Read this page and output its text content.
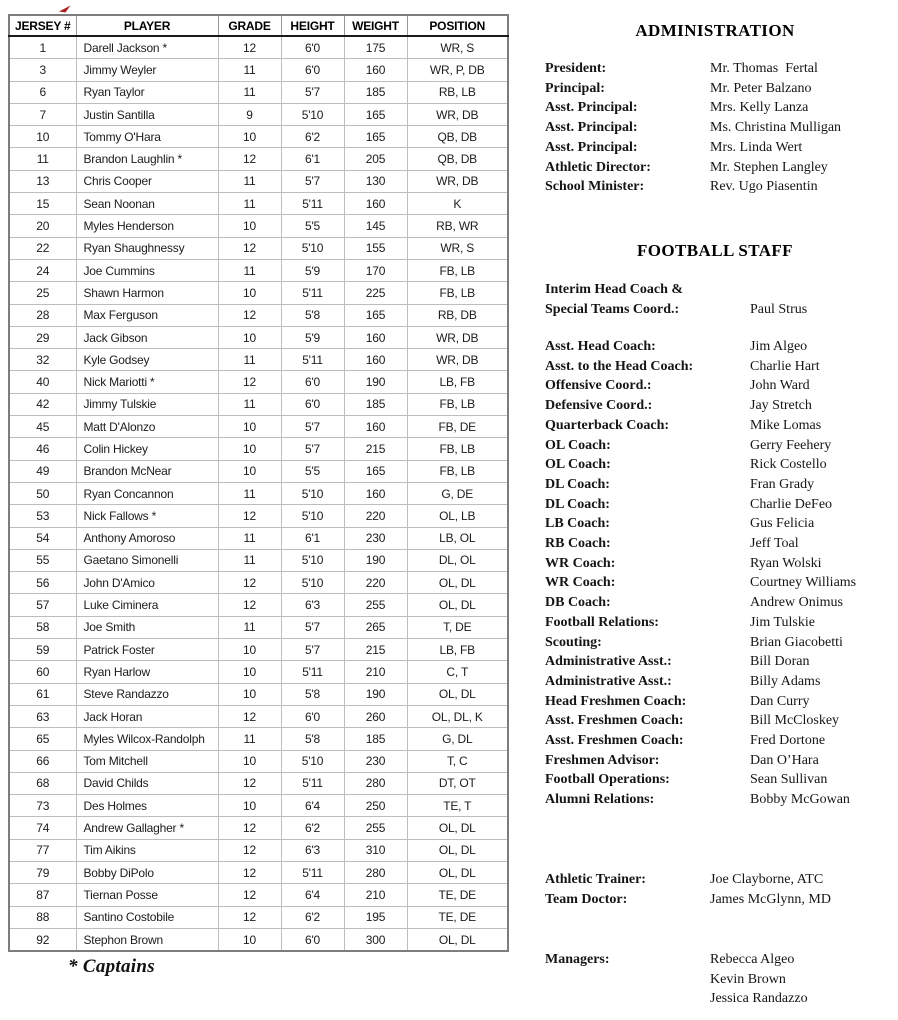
JERSEY #	PLAYER	GRADE	HEIGHT	WEIGHT	POSITION
1	Darell Jackson *	12	6'0	175	WR, S
3	Jimmy Weyler	11	6'0	160	WR, P, DB
6	Ryan Taylor	11	5'7	185	RB, LB
7	Justin Santilla	9	5'10	165	WR, DB
10	Tommy O'Hara	10	6'2	165	QB, DB
11	Brandon Laughlin *	12	6'1	205	QB, DB
13	Chris Cooper	11	5'7	130	WR, DB
15	Sean Noonan	11	5'11	160	K
20	Myles Henderson	10	5'5	145	RB, WR
22	Ryan Shaughnessy	12	5'10	155	WR, S
24	Joe Cummins	11	5'9	170	FB, LB
25	Shawn Harmon	10	5'11	225	FB, LB
28	Max Ferguson	12	5'8	165	RB, DB
29	Jack Gibson	10	5'9	160	WR, DB
32	Kyle Godsey	11	5'11	160	WR, DB
40	Nick Mariotti *	12	6'0	190	LB, FB
42	Jimmy Tulskie	11	6'0	185	FB, LB
45	Matt D'Alonzo	10	5'7	160	FB, DE
46	Colin Hickey	10	5'7	215	FB, LB
49	Brandon McNear	10	5'5	165	FB, LB
50	Ryan Concannon	11	5'10	160	G, DE
53	Nick Fallows *	12	5'10	220	OL, LB
54	Anthony Amoroso	11	6'1	230	LB, OL
55	Gaetano Simonelli	11	5'10	190	DL, OL
56	John D'Amico	12	5'10	220	OL, DL
57	Luke Ciminera	12	6'3	255	OL, DL
58	Joe Smith	11	5'7	265	T, DE
59	Patrick Foster	10	5'7	215	LB, FB
60	Ryan Harlow	10	5'11	210	C, T
61	Steve Randazzo	10	5'8	190	OL, DL
63	Jack Horan	12	6'0	260	OL, DL, K
65	Myles Wilcox-Randolph	11	5'8	185	G, DL
66	Tom Mitchell	10	5'10	230	T, C
68	David Childs	12	5'11	280	DT, OT
73	Des Holmes	10	6'4	250	TE, T
74	Andrew Gallagher *	12	6'2	255	OL, DL
77	Tim Aikins	12	6'3	310	OL, DL
79	Bobby DiPolo	12	5'11	280	OL, DL
87	Tiernan Posse	12	6'4	210	TE, DE
88	Santino Costobile	12	6'2	195	TE, DE
92	Stephon Brown	10	6'0	300	OL, DL
* Captains
ADMINISTRATION
President:	Mr. Thomas  Fertal
Principal:	Mr. Peter Balzano
Asst. Principal:	Mrs. Kelly Lanza
Asst. Principal:	Ms. Christina Mulligan
Asst. Principal:	Mrs. Linda Wert
Athletic Director:	Mr. Stephen Langley
School Minister:	Rev. Ugo Piasentin
FOOTBALL STAFF
Interim Head Coach &
Special Teams Coord.:	Paul Strus
Asst. Head Coach:	Jim Algeo
Asst. to the Head Coach:	Charlie Hart
Offensive Coord.:	John Ward
Defensive Coord.:	Jay Stretch
Quarterback Coach:	Mike Lomas
OL Coach:	Gerry Feehery
OL Coach:	Rick Costello
DL Coach:	Fran Grady
DL Coach:	Charlie DeFeo
LB Coach:	Gus Felicia
RB Coach:	Jeff Toal
WR Coach:	Ryan Wolski
WR Coach:	Courtney Williams
DB Coach:	Andrew Onimus
Football Relations:	Jim Tulskie
Scouting:	Brian Giacobetti
Administrative Asst.:	Bill Doran
Administrative Asst.:	Billy Adams
Head Freshmen Coach:	Dan Curry
Asst. Freshmen Coach:	Bill McCloskey
Asst. Freshmen Coach:	Fred Dortone
Freshmen Advisor:	Dan O’Hara
Football Operations:	Sean Sullivan
Alumni Relations:	Bobby McGowan
Athletic Trainer:	Joe Clayborne, ATC
Team Doctor:	James McGlynn, MD
Managers:	Rebecca Algeo
Kevin Brown
Jessica Randazzo
